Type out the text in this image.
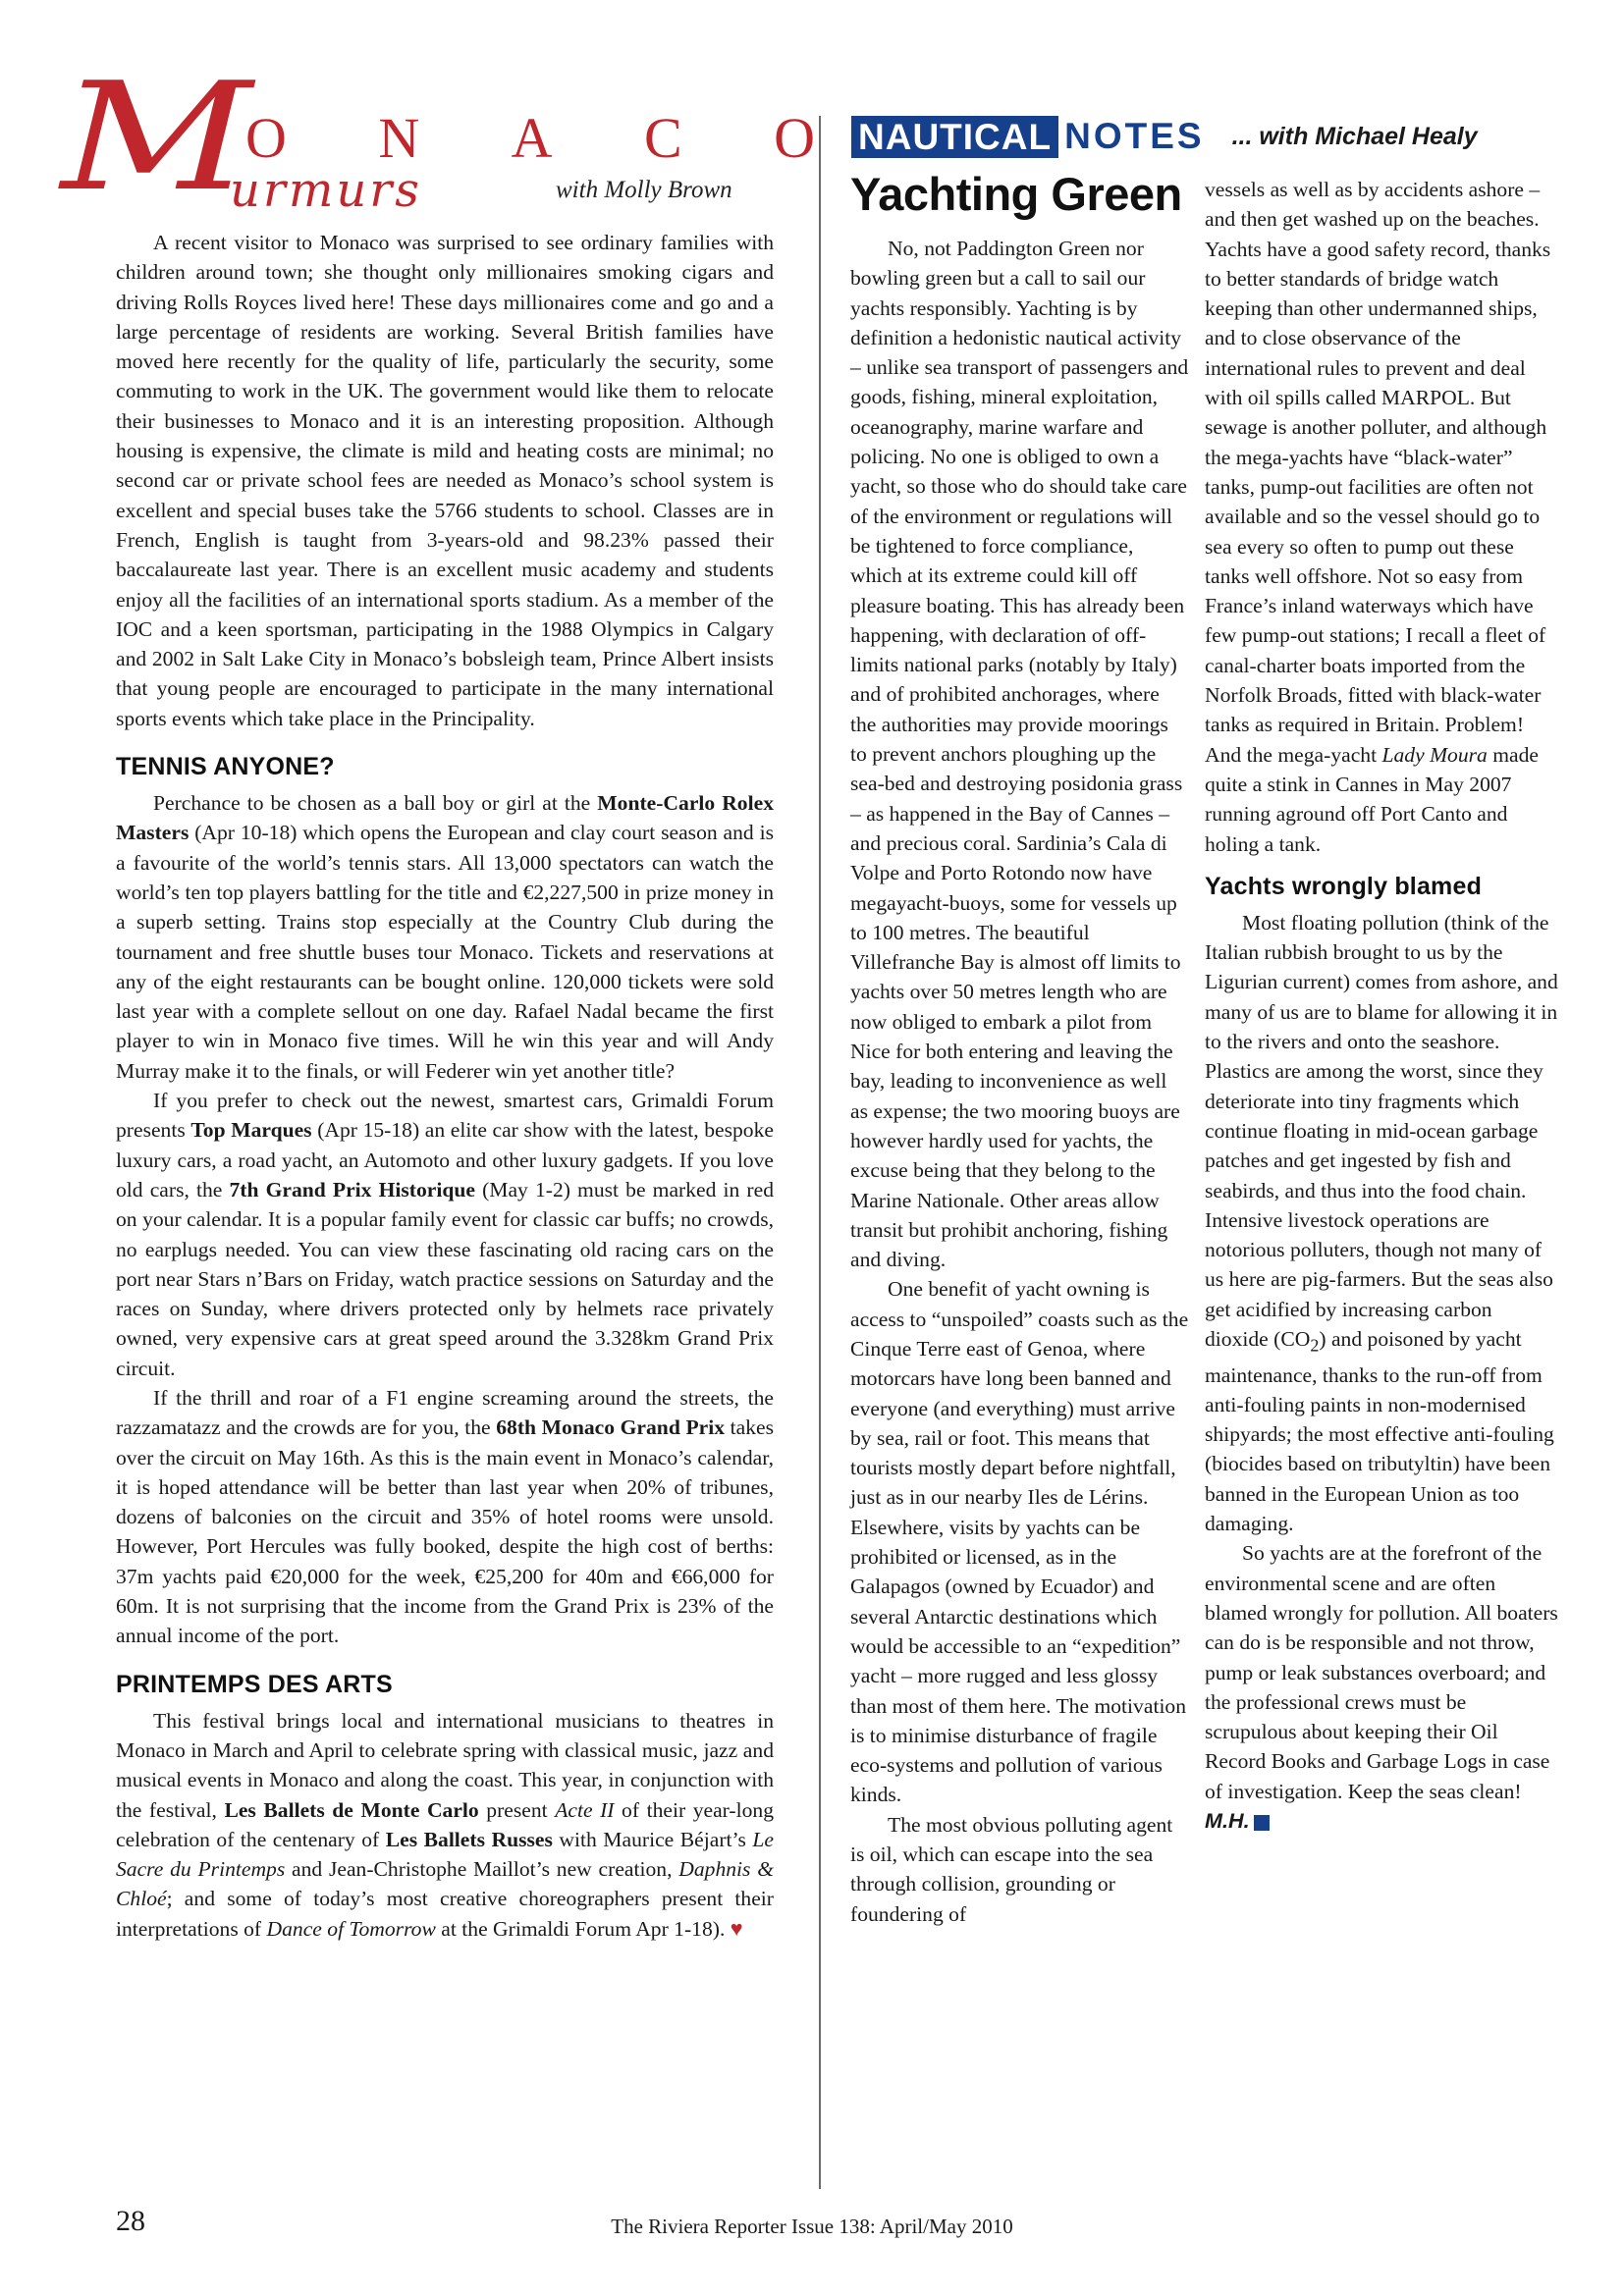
M
O N A C O
urmurs	with Molly Brown
NAUTICAL NOTES ... with Michael Healy

A recent visitor to Monaco was surprised to see ordinary families with children around town; she thought only millionaires smoking cigars and driving Rolls Royces lived here! These days millionaires come and go and a large percentage of residents are working. Several British families have moved here recently for the quality of life, particularly the security, some commuting to work in the UK. The government would like them to relocate their businesses to Monaco and it is an interesting proposition. Although housing is expensive, the climate is mild and heating costs are minimal; no second car or private school fees are needed as Monaco’s school system is excellent and special buses take the 5766 students to school. Classes are in French, English is taught from 3-years-old and 98.23% passed their baccalaureate last year. There is an excellent music academy and students enjoy all the facilities of an international sports stadium. As a member of the IOC and a keen sportsman, participating in the 1988 Olympics in Calgary and 2002 in Salt Lake City in Monaco’s bobsleigh team, Prince Albert insists that young people are encouraged to participate in the many international sports events which take place in the Principality.

TENNIS ANYONE?

Perchance to be chosen as a ball boy or girl at the Monte-Carlo Rolex Masters (Apr 10-18) which opens the European and clay court season and is a favourite of the world’s tennis stars. All 13,000 spectators can watch the world’s ten top players battling for the title and €2,227,500 in prize money in a superb setting. Trains stop especially at the Country Club during the tournament and free shuttle buses tour Monaco. Tickets and reservations at any of the eight restaurants can be bought online. 120,000 tickets were sold last year with a complete sellout on one day. Rafael Nadal became the first player to win in Monaco five times. Will he win this year and will Andy Murray make it to the finals, or will Federer win yet another title?

If you prefer to check out the newest, smartest cars, Grimaldi Forum presents Top Marques (Apr 15-18) an elite car show with the latest, bespoke luxury cars, a road yacht, an Automoto and other luxury gadgets. If you love old cars, the 7th Grand Prix Historique (May 1-2) must be marked in red on your calendar. It is a popular family event for classic car buffs; no crowds, no earplugs needed. You can view these fascinating old racing cars on the port near Stars n’Bars on Friday, watch practice sessions on Saturday and the races on Sunday, where drivers protected only by helmets race privately owned, very expensive cars at great speed around the 3.328km Grand Prix circuit.

If the thrill and roar of a F1 engine screaming around the streets, the razzamatazz and the crowds are for you, the 68th Monaco Grand Prix takes over the circuit on May 16th. As this is the main event in Monaco’s calendar, it is hoped attendance will be better than last year when 20% of tribunes, dozens of balconies on the circuit and 35% of hotel rooms were unsold. However, Port Hercules was fully booked, despite the high cost of berths: 37m yachts paid €20,000 for the week, €25,200 for 40m and €66,000 for 60m. It is not surprising that the income from the Grand Prix is 23% of the annual income of the port.

PRINTEMPS DES ARTS

This festival brings local and international musicians to theatres in Monaco in March and April to celebrate spring with classical music, jazz and musical events in Monaco and along the coast. This year, in conjunction with the festival, Les Ballets de Monte Carlo present Acte II of their year-long celebration of the centenary of Les Ballets Russes with Maurice Béjart’s Le Sacre du Printemps and Jean-Christophe Maillot’s new creation, Daphnis & Chloé; and some of today’s most creative choreographers present their interpretations of Dance of Tomorrow at the Grimaldi Forum Apr 1-18). ♥

Yachting Green

No, not Paddington Green nor bowling green but a call to sail our yachts responsibly. Yachting is by definition a hedonistic nautical activity – unlike sea transport of passengers and goods, fishing, mineral exploitation, oceanography, marine warfare and policing. No one is obliged to own a yacht, so those who do should take care of the environment or regulations will be tightened to force compliance, which at its extreme could kill off pleasure boating. This has already been happening, with declaration of off-limits national parks (notably by Italy) and of prohibited anchorages, where the authorities may provide moorings to prevent anchors ploughing up the sea-bed and destroying posidonia grass – as happened in the Bay of Cannes – and precious coral. Sardinia’s Cala di Volpe and Porto Rotondo now have megayacht-buoys, some for vessels up to 100 metres. The beautiful Villefranche Bay is almost off limits to yachts over 50 metres length who are now obliged to embark a pilot from Nice for both entering and leaving the bay, leading to inconvenience as well as expense; the two mooring buoys are however hardly used for yachts, the excuse being that they belong to the Marine Nationale. Other areas allow transit but prohibit anchoring, fishing and diving.

One benefit of yacht owning is access to “unspoiled” coasts such as the Cinque Terre east of Genoa, where motorcars have long been banned and everyone (and everything) must arrive by sea, rail or foot. This means that tourists mostly depart before nightfall, just as in our nearby Iles de Lérins. Elsewhere, visits by yachts can be prohibited or licensed, as in the Galapagos (owned by Ecuador) and several Antarctic destinations which would be accessible to an “expedition” yacht – more rugged and less glossy than most of them here. The motivation is to minimise disturbance of fragile eco-systems and pollution of various kinds.

The most obvious polluting agent is oil, which can escape into the sea through collision, grounding or foundering of

vessels as well as by accidents ashore – and then get washed up on the beaches. Yachts have a good safety record, thanks to better standards of bridge watch keeping than other undermanned ships, and to close observance of the international rules to prevent and deal with oil spills called MARPOL. But sewage is another polluter, and although the mega-yachts have “black-water” tanks, pump-out facilities are often not available and so the vessel should go to sea every so often to pump out these tanks well offshore. Not so easy from France’s inland waterways which have few pump-out stations; I recall a fleet of canal-charter boats imported from the Norfolk Broads, fitted with black-water tanks as required in Britain. Problem! And the mega-yacht Lady Moura made quite a stink in Cannes in May 2007 running aground off Port Canto and holing a tank.

Yachts wrongly blamed

Most floating pollution (think of the Italian rubbish brought to us by the Ligurian current) comes from ashore, and many of us are to blame for allowing it in to the rivers and onto the seashore. Plastics are among the worst, since they deteriorate into tiny fragments which continue floating in mid-ocean garbage patches and get ingested by fish and seabirds, and thus into the food chain. Intensive livestock operations are notorious polluters, though not many of us here are pig-farmers. But the seas also get acidified by increasing carbon dioxide $(CO_2)$ and poisoned by yacht maintenance, thanks to the run-off from anti-fouling paints in non-modernised shipyards; the most effective anti-fouling (biocides based on tributyltin) have been banned in the European Union as too damaging.

So yachts are at the forefront of the environmental scene and are often blamed wrongly for pollution. All boaters can do is be responsible and not throw, pump or leak substances overboard; and the professional crews must be scrupulous about keeping their Oil Record Books and Garbage Logs in case of investigation. Keep the seas clean! M.H.

28	The Riviera Reporter Issue 138: April/May 2010
